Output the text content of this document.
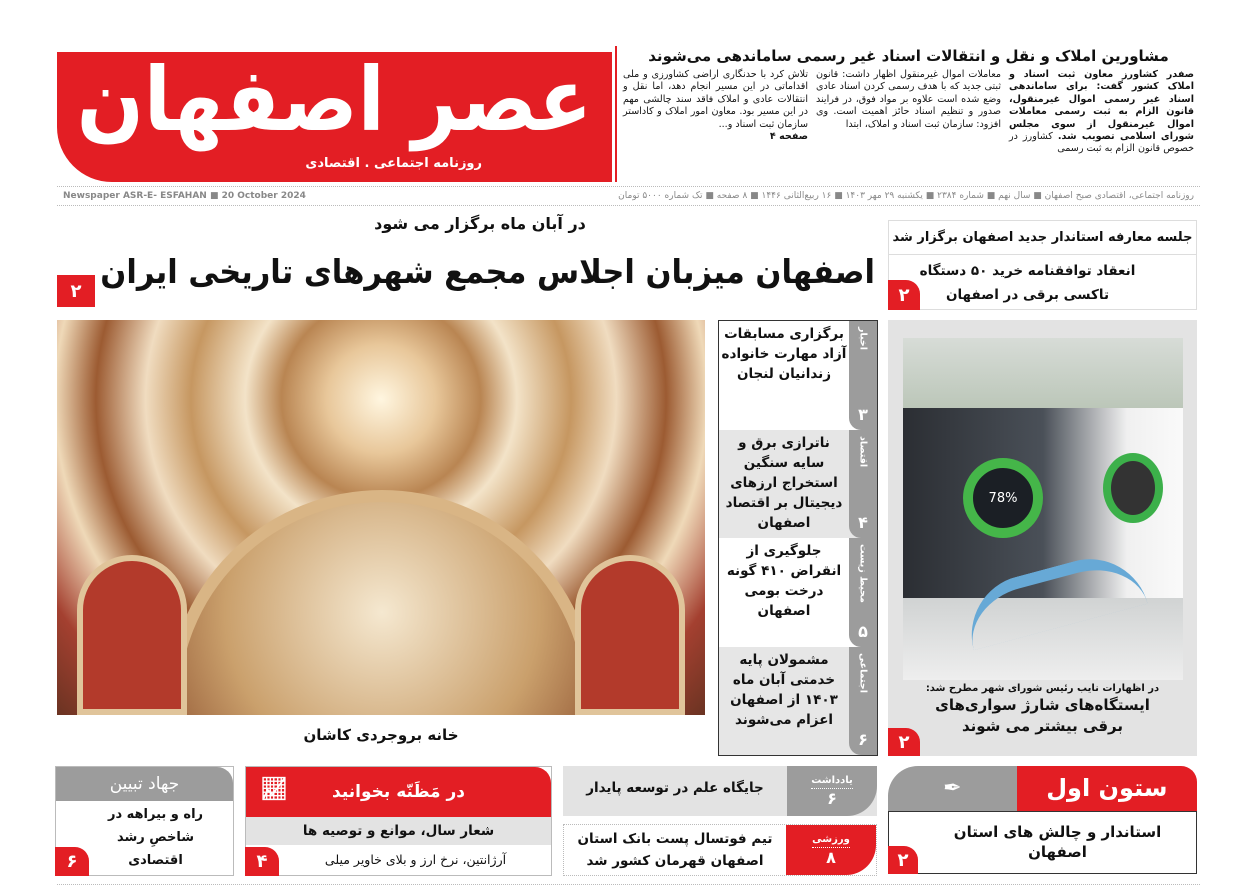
عصر اصفهان
روزنامه اجتماعی . اقتصادی
مشاورین املاک و نقل و انتقالات اسناد غیر رسمی ساماندهی می‌شوند

صفدر کشاورز معاون ثبت اسناد و املاک کشور گفت: برای ساماندهی اسناد غیر رسمی اموال غیرمنقول، قانون الزام به ثبت رسمی معاملات اموال غیرمنقول از سوی مجلس شورای اسلامی تصویب شد. کشاورز در خصوص قانون الزام به ثبت رسمی

معاملات اموال غیرمنقول اظهار داشت: قانون ثبتی جدید که با هدف رسمی کردن اسناد عادی وضع شده است علاوه بر مواد فوق، در فرایند صدور و تنظیم اسناد حائز اهمیت است. وی افزود: سازمان ثبت اسناد و املاک، ابتدا

تلاش کرد با حدنگاری اراضی کشاورزی و ملی اقداماتی در این مسیر انجام دهد، اما نقل و انتقالات عادی و املاک فاقد سند چالشی مهم در این مسیر بود. معاون امور املاک و کاداستر سازمان ثبت اسناد و...
صفحه ۴

روزنامه اجتماعی، اقتصادی صبح اصفهان ■ سال نهم ■ شماره ۲۳۸۴ ■ یکشنبه ۲۹ مهر ۱۴۰۳ ■ ۱۶ ربیع‌الثانی ۱۴۴۶ ■ ۸ صفحه ■ تک شماره ۵۰۰۰ تومان
Newspaper ASR-E- ESFAHAN ■ 20 October 2024
در آبان ماه برگزار می شود
اصفهان میزبان اجلاس مجمع شهرهای تاریخی ایران
۲
خانه بروجردی کاشان
اخبار
۳
برگزاری مسابقات آزاد مهارت خانواده زندانیان لنجان
اقتصاد
۴
ناترازی برق و سایه سنگین استخراج ارزهای دیجیتال بر اقتصاد اصفهان
محیط زیست
۵
جلوگیری از انقراض ۴۱۰ گونه درخت بومی اصفهان
اجتماعی
۶
مشمولان پایه خدمتی آبان ماه ۱۴۰۳ از اصفهان اعزام می‌شوند
جلسه معارفه استاندار جدید اصفهان برگزار شد
انعقاد توافقنامه خرید ۵۰ دستگاه تاکسی برقی در اصفهان
۲
78%
در اظهارات نایب رئیس شورای شهر مطرح شد:
ایستگاه‌های شارژ سواری‌های برقی بیشتر می شوند
۲
ستون اول
✒
استاندار و چالش های استان اصفهان
۲
یادداشت
۶
جایگاه علم در توسعه پایدار
ورزشی
۸
تیم فوتسال پست بانک استان اصفهان قهرمان کشور شد
در مَظَنّه بخوانید
📈︎
شعار سال، موانع و توصیه ها
آرژانتین، نرخ ارز و بلای خاویر میلی
۴
جهاد تبیین
راه و بیراهه در شاخصِ رشد اقتصادی
۶
